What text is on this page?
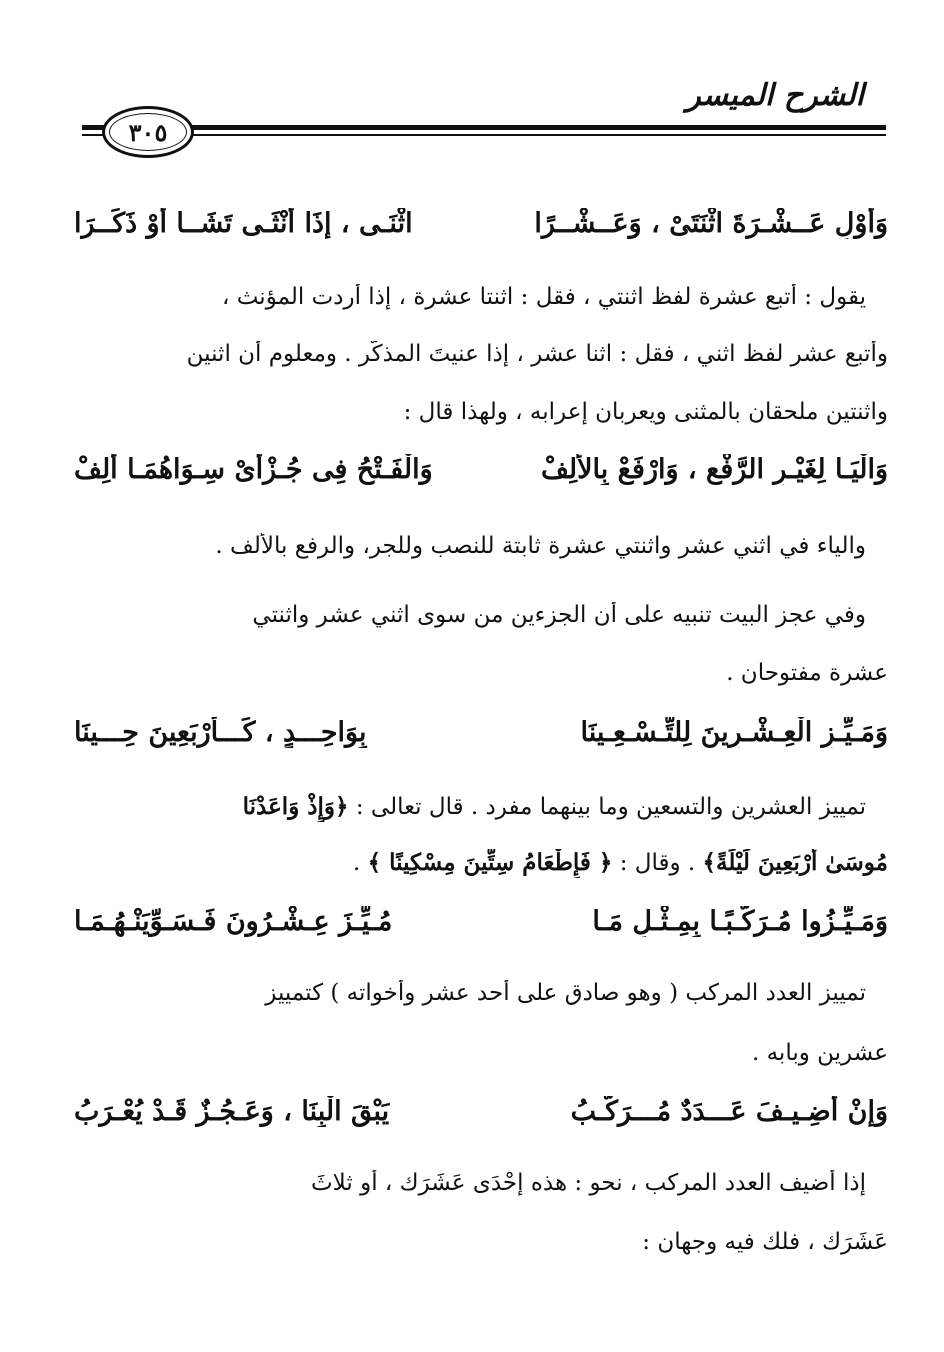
الشرح الميسر
٣٠٥
وَأَوْلِ عَــشْـرَةَ اثْنَتَىْ ، وَعَــشْــرًا
اثْنَـى ، إِذَا أُنْثَـى تَشَــا أَوْ ذَكَــرَا
يقول : أتبع عشرة لفظ اثنتي ، فقل : اثنتا عشرة ، إذا أردت المؤنث ،
وأتبع عشر لفظ اثني ، فقل : اثنا عشر ، إذا عنيتَ المذكّر . ومعلوم أن اثنين
واثنتين ملحقان بالمثنى ويعربان إعرابه ، ولهذا قال :
وَالْيَـا لِغَيْـرِ الرَّفْعِ ، وَارْفَعْ بِالأَلِفْ
وَالْفَـتْحُ فِى جُـزْأَىْ سِـوَاهُمَـا أُلِفْ
والياء في اثني عشر واثنتي عشرة ثابتة للنصب وللجر، والرفع بالألف .
وفي عجز البيت تنبيه على أن الجزءين من سوى اثني عشر واثنتي
عشرة مفتوحان .
وَمَـيِّـزِ الْعِـشْـرِينَ لِلتِّـسْـعِـينَا
بِوَاحِـــدٍ ، كَـــأَرْبَعِينَ حِـــينَا
تمييز العشرين والتسعين وما بينهما مفرد . قال تعالى : ﴿وَإِذْ وَاعَدْنَا
مُوسَىٰ أَرْبَعِينَ لَيْلَةً﴾ . وقال : ﴿ فَإِطْعَامُ سِتِّينَ مِسْكِينًا ﴾ .
وَمَـيِّـزُوا مُـرَكَّـبًـا بِمِـثْـلِ مَـا
مُـيِّـزَ عِـشْـرُونَ فَـسَـوِّيَنْـهُـمَـا
تمييز العدد المركب ( وهو صادق على أحد عشر وأخواته ) كتمييز
عشرين وبابه .
وَإِنْ أُضِـيـفَ عَـــدَدٌ مُـــرَكَّـبُ
يَبْقَ الْبِنَا ، وَعَـجُـزٌ قَـدْ يُعْـرَبُ
إذا أضيف العدد المركب ، نحو : هذه إحْدَى عَشَرَك ، أو ثلاثَ
عَشَرَك ، فلك فيه وجهان :
